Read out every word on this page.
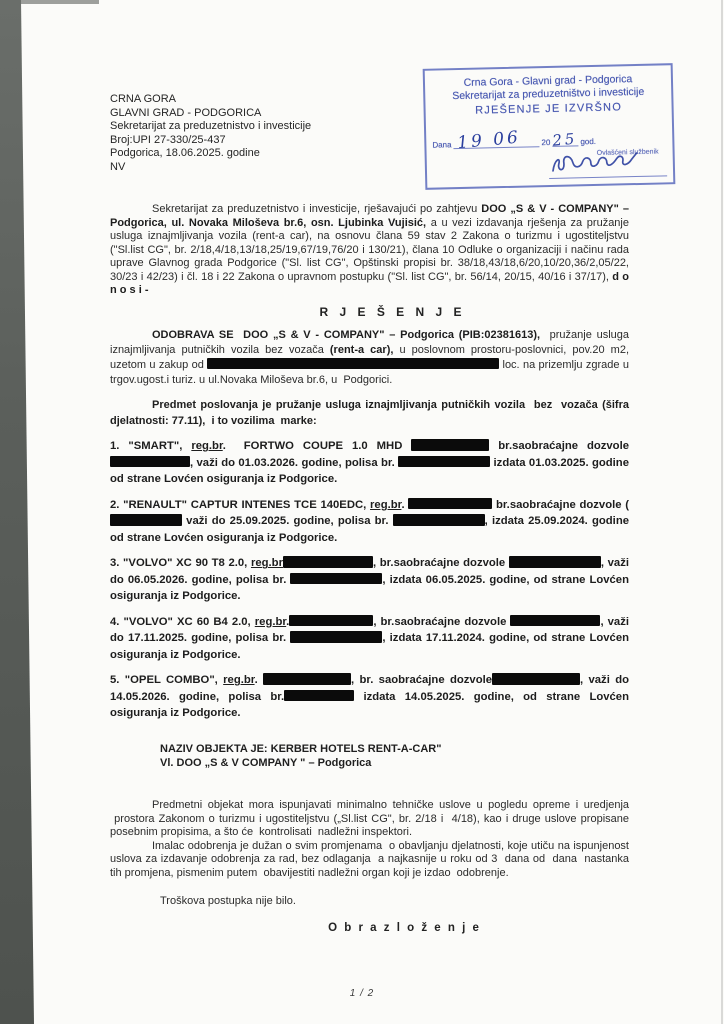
CRNA GORA
GLAVNI GRAD - PODGORICA
Sekretarijat za preduzetnistvo i investicije
Broj:UPI 27-330/25-437
Podgorica, 18.06.2025. godine
NV
Crna Gora - Glavni grad - Podgorica
Sekretarijat za preduzetništvo i investicije
RJEŠENJE JE IZVRŠNO
Dana 19 06 20 25 god.
Ovlašćeni službenik

Sekretarijat za preduzetnistvo i investicije, rješavajući po zahtjevu DOO „S & V - COMPANY" – Podgorica, ul. Novaka Miloševa br.6, osn. Ljubinka Vujisić, a u vezi izdavanja rješenja za pružanje usluga iznajmljivanja vozila (rent-a car), na osnovu člana 59 stav 2 Zakona o turizmu i ugostiteljstvu ("Sl.list CG", br. 2/18,4/18,13/18,25/19,67/19,76/20 i 130/21), člana 10 Odluke o organizaciji i načinu rada uprave Glavnog grada Podgorice ("Sl. list CG", Opštinski propisi br. 38/18,43/18,6/20,10/20,36/2,05/22, 30/23 i 42/23) i čl. 18 i 22 Zakona o upravnom postupku ("Sl. list CG", br. 56/14, 20/15, 40/16 i 37/17), d o n o s i -

R J E Š E N J E

ODOBRAVA SE  DOO „S & V - COMPANY" – Podgorica (PIB:02381613),  pružanje usluga iznajmljivanja putničkih vozila bez vozača (rent-a car), u poslovnom prostoru-poslovnici, pov.20 m2, uzetom u zakup od	loc. na prizemlju zgrade u trgov.ugost.i turiz. u ul.Novaka Miloševa br.6, u  Podgorici.

Predmet poslovanja je pružanje usluga iznajmljivanja putničkih vozila  bez  vozača (šifra djelatnosti: 77.11),  i to vozilima  marke:

1. "SMART", reg.br.  FORTWO COUPE 1.0 MHD	br.saobraćajne dozvole , važi do 01.03.2026. godine, polisa br.	izdata 01.03.2025. godine od strane Lovćen osiguranja iz Podgorice.

2. "RENAULT" CAPTUR INTENES TCE 140EDC, reg.br.	br.saobraćajne dozvole ( važi do 25.09.2025. godine, polisa br.	, izdata 25.09.2024. godine od strane Lovćen osiguranja iz Podgorice.

3. "VOLVO" XC 90 T8 2.0, reg.br	, br.saobraćajne dozvole	, važi do 06.05.2026. godine, polisa br.	, izdata 06.05.2025. godine, od strane Lovćen osiguranja iz Podgorice.

4. "VOLVO" XC 60 B4 2.0, reg.br.	, br.saobraćajne dozvole	, važi do 17.11.2025. godine, polisa br.	, izdata 17.11.2024. godine, od strane Lovćen osiguranja iz Podgorice.

5. "OPEL COMBO", reg.br.	, br. saobraćajne dozvole	, važi do 14.05.2026. godine, polisa br.	izdata 14.05.2025. godine, od strane Lovćen osiguranja iz Podgorice.

NAZIV OBJEKTA JE: KERBER HOTELS RENT-A-CAR"
Vl. DOO „S & V COMPANY " – Podgorica

Predmetni objekat mora ispunjavati minimalno tehničke uslove u pogledu opreme i uredjenja  prostora Zakonom o turizmu i ugostiteljstvu („Sl.list CG", br. 2/18 i  4/18), kao i druge uslove propisane posebnim propisima, a što će  kontrolisati  nadležni inspektori.

Imalac odobrenja je dužan o svim promjenama  o obavljanju djelatnosti, koje utiču na ispunjenost uslova za izdavanje odobrenja za rad, bez odlaganja  a najkasnije u roku od 3  dana od  dana  nastanka tih promjena, pismenim putem  obavijestiti nadležni organ koji je izdao  odobrenje.

Troškova postupka nije bilo.

O b r a z l o ž e n j e

1 / 2
